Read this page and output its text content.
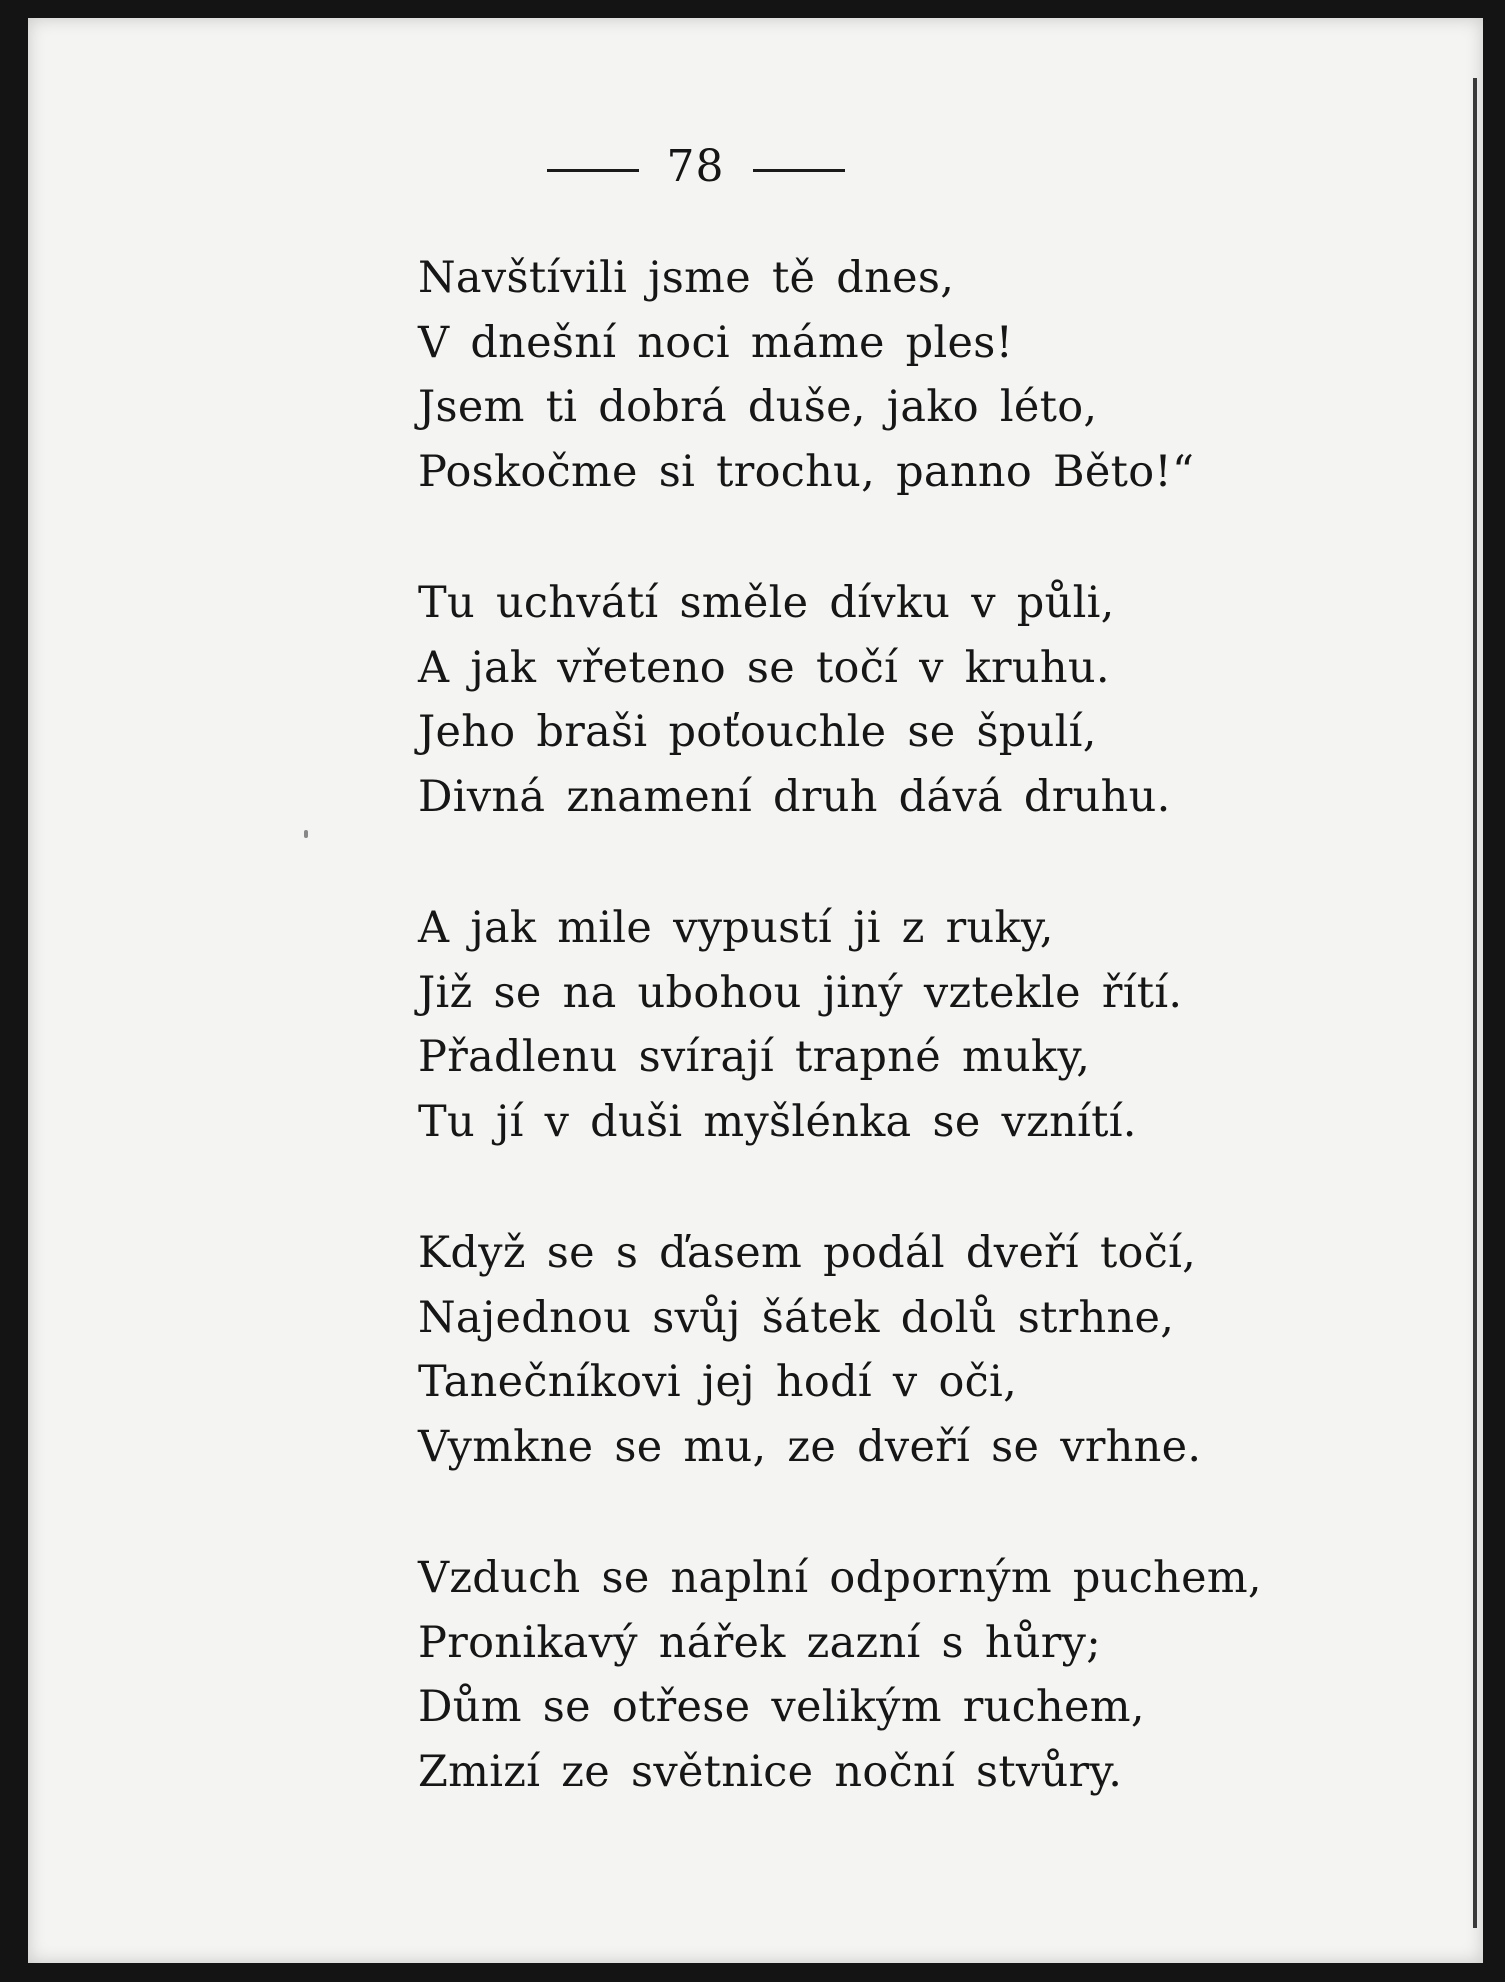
78
Navštívili jsme tě dnes,
V dnešní noci máme ples!
Jsem ti dobrá duše, jako léto,
Poskočme si trochu, panno Běto!“
Tu uchvátí směle dívku v půli,
A jak vřeteno se točí v kruhu.
Jeho braši poťouchle se špulí,
Divná znamení druh dává druhu.
A jak mile vypustí ji z ruky,
Již se na ubohou jiný vztekle řítí.
Přadlenu svírají trapné muky,
Tu jí v duši myšlénka se vznítí.
Když se s ďasem podál dveří točí,
Najednou svůj šátek dolů strhne,
Tanečníkovi jej hodí v oči,
Vymkne se mu, ze dveří se vrhne.
Vzduch se naplní odporným puchem,
Pronikavý nářek zazní s hůry;
Dům se otřese velikým ruchem,
Zmizí ze světnice noční stvůry.
